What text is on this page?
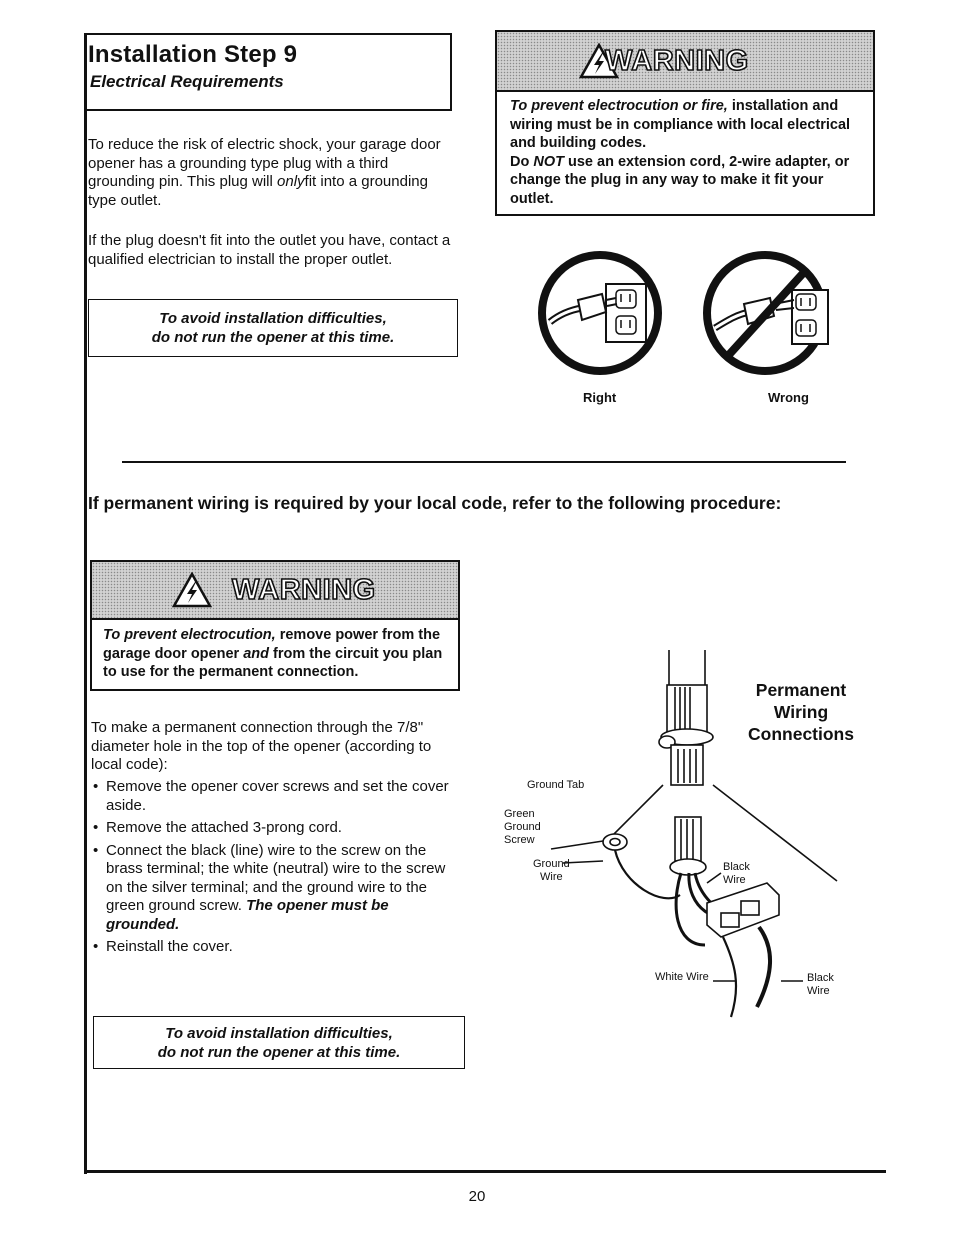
Installation Step 9
Electrical Requirements
To reduce the risk of electric shock, your garage door opener has a grounding type plug with a third grounding pin. This plug will onlyfit into a grounding type outlet.
If the plug doesn't fit into the outlet you have, contact a qualified electrician to install the proper outlet.
To avoid installation difficulties,
do not run the opener at this time.
WARNING
To prevent electrocution or fire, installation and wiring must be in compliance with local electrical and building codes.
Do NOT use an extension cord, 2-wire adapter, or change the plug in any way to make it fit your outlet.
Right	Wrong
If permanent wiring is required by your local code, refer to the following procedure:
WARNING
To prevent electrocution, remove power from the garage door opener and from the circuit you plan to use for the permanent connection.
To make a permanent connection through the 7/8" diameter hole in the top of the opener (according to local code):
• Remove the opener cover screws and set the cover aside.
• Remove the attached 3-prong cord.
• Connect the black (line) wire to the screw on the brass terminal; the white (neutral) wire to the screw on the silver terminal; and the ground wire to the green ground screw. The opener must be grounded.
• Reinstall the cover.
To avoid installation difficulties,
do not run the opener at this time.
Permanent
Wiring
Connections
Ground Tab
Green
Ground
Screw
Ground
Wire
Black
Wire
White Wire	Black
Wire
20
